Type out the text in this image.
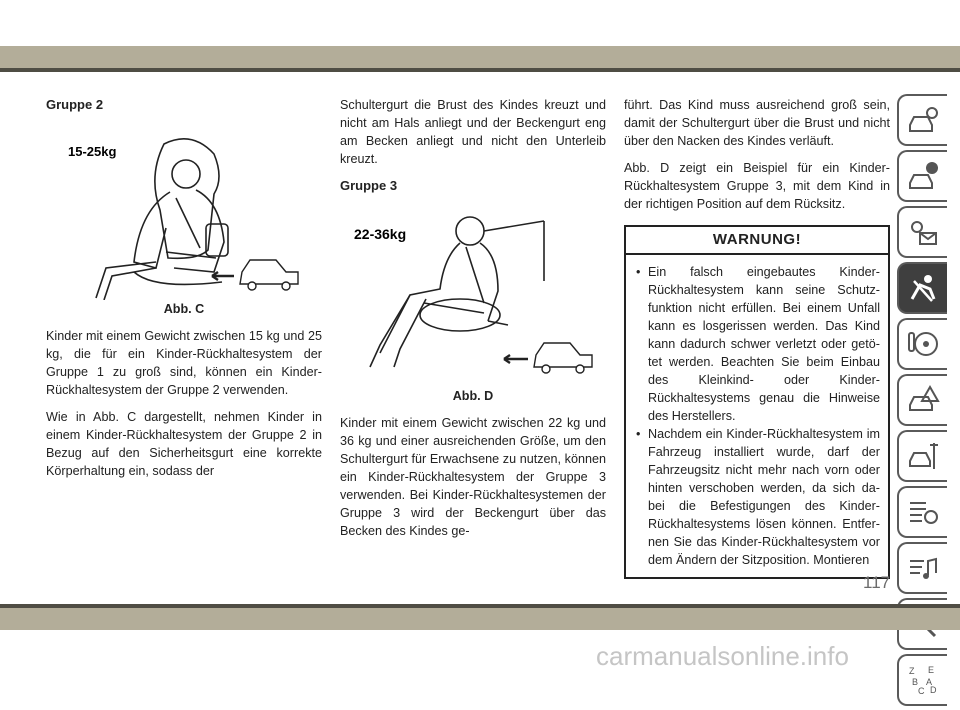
Gruppe 2
15-25kg

Abb. C

Kinder mit einem Gewicht zwischen 15 kg und 25 kg, die für ein Kinder-Rückhaltesystem der Gruppe 1 zu groß sind, können ein Kinder-Rückhaltesystem der Gruppe 2 verwenden.

Wie in Abb. C dargestellt, nehmen Kinder in einem Kinder-Rückhaltesystem der Gruppe 2 in Bezug auf den Sicherheitsgurt eine korrekte Körperhaltung ein, sodass der

Schultergurt die Brust des Kindes kreuzt und nicht am Hals anliegt und der Beckengurt eng am Becken anliegt und nicht den Unterleib kreuzt.

Gruppe 3
22-36kg

Abb. D

Kinder mit einem Gewicht zwischen 22 kg und 36 kg und einer ausreichenden Größe, um den Schultergurt für Erwachsene zu nutzen, können ein Kinder-Rückhaltesystem der Gruppe 3 verwenden. Bei Kinder-Rückhaltesystemen der Gruppe 3 wird der Beckengurt über das Becken des Kindes ge-

führt. Das Kind muss ausreichend groß sein, damit der Schultergurt über die Brust und nicht über den Nacken des Kindes verläuft.

Abb. D zeigt ein Beispiel für ein Kinder-Rückhaltesystem Gruppe 3, mit dem Kind in der richtigen Position auf dem Rücksitz.

WARNUNG!
• Ein falsch eingebautes Kinder-Rückhaltesystem kann seine Schutz-funktion nicht erfüllen. Bei einem Unfall kann es losgerissen werden. Das Kind kann dadurch schwer verletzt oder getö-tet werden. Beachten Sie beim Einbau des Kleinkind- oder Kinder-Rückhaltesystems genau die Hinweise des Herstellers.
• Nachdem ein Kinder-Rückhaltesystem im Fahrzeug installiert wurde, darf der Fahrzeugsitz nicht mehr nach vorn oder hinten verschoben werden, da sich da-bei die Befestigungen des Kinder-Rückhaltesystems lösen können. Entfer-nen Sie das Kinder-Rückhaltesystem vor dem Ändern der Sitzposition. Montieren
Z E
B A
C D
117
carmanualsonline.info
